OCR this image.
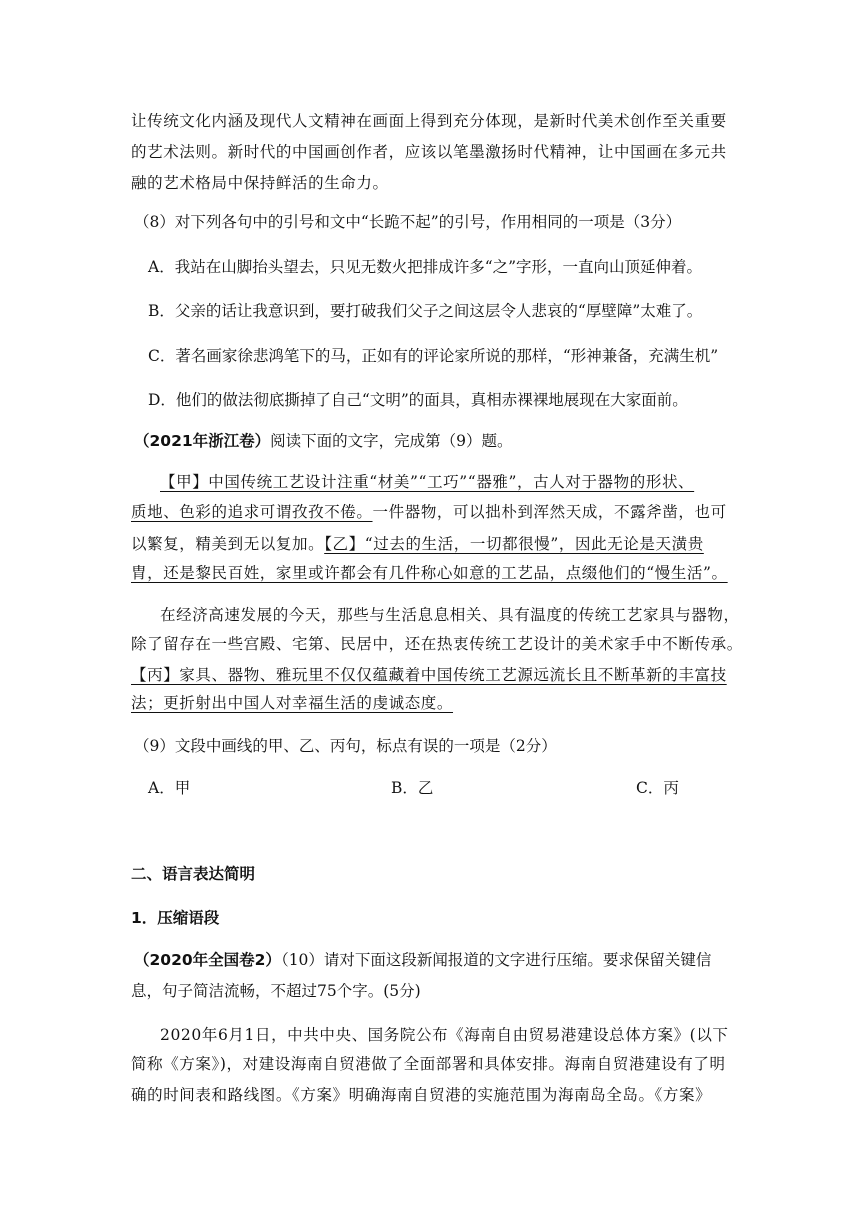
让传统文化内涵及现代人文精神在画面上得到充分体现，是新时代美术创作至关重要
的艺术法则。新时代的中国画创作者，应该以笔墨激扬时代精神，让中国画在多元共
融的艺术格局中保持鲜活的生命力。
（8）对下列各句中的引号和文中“长跪不起”的引号，作用相同的一项是（3分）
A．我站在山脚抬头望去，只见无数火把排成许多“之”字形，一直向山顶延伸着。
B．父亲的话让我意识到，要打破我们父子之间这层令人悲哀的“厚壁障”太难了。
C．著名画家徐悲鸿笔下的马，正如有的评论家所说的那样，“形神兼备，充满生机”
D．他们的做法彻底撕掉了自己“文明”的面具，真相赤裸裸地展现在大家面前。
（2021年浙江卷）阅读下面的文字，完成第（9）题。
【甲】中国传统工艺设计注重“材美”“工巧”“器雅”，古人对于器物的形状、
质地、色彩的追求可谓孜孜不倦。一件器物，可以拙朴到浑然天成，不露斧凿，也可
以繁复，精美到无以复加。【乙】“过去的生活，一切都很慢”，因此无论是天潢贵
胄，还是黎民百姓，家里或许都会有几件称心如意的工艺品，点缀他们的“慢生活”。
在经济高速发展的今天，那些与生活息息相关、具有温度的传统工艺家具与器物，
除了留存在一些宫殿、宅第、民居中，还在热衷传统工艺设计的美术家手中不断传承。
【丙】家具、器物、雅玩里不仅仅蕴藏着中国传统工艺源远流长且不断革新的丰富技
法；更折射出中国人对幸福生活的虔诚态度。
（9）文段中画线的甲、乙、丙句，标点有误的一项是（2分）
A．甲	B．乙	C．丙
二、语言表达简明
1．压缩语段
（2020年全国卷2）（10）请对下面这段新闻报道的文字进行压缩。要求保留关键信
息，句子简洁流畅，不超过75个字。(5分)
2020年6月1日，中共中央、国务院公布《海南自由贸易港建设总体方案》(以下
简称《方案》)，对建设海南自贸港做了全面部署和具体安排。海南自贸港建设有了明
确的时间表和路线图。《方案》明确海南自贸港的实施范围为海南岛全岛。《方案》
